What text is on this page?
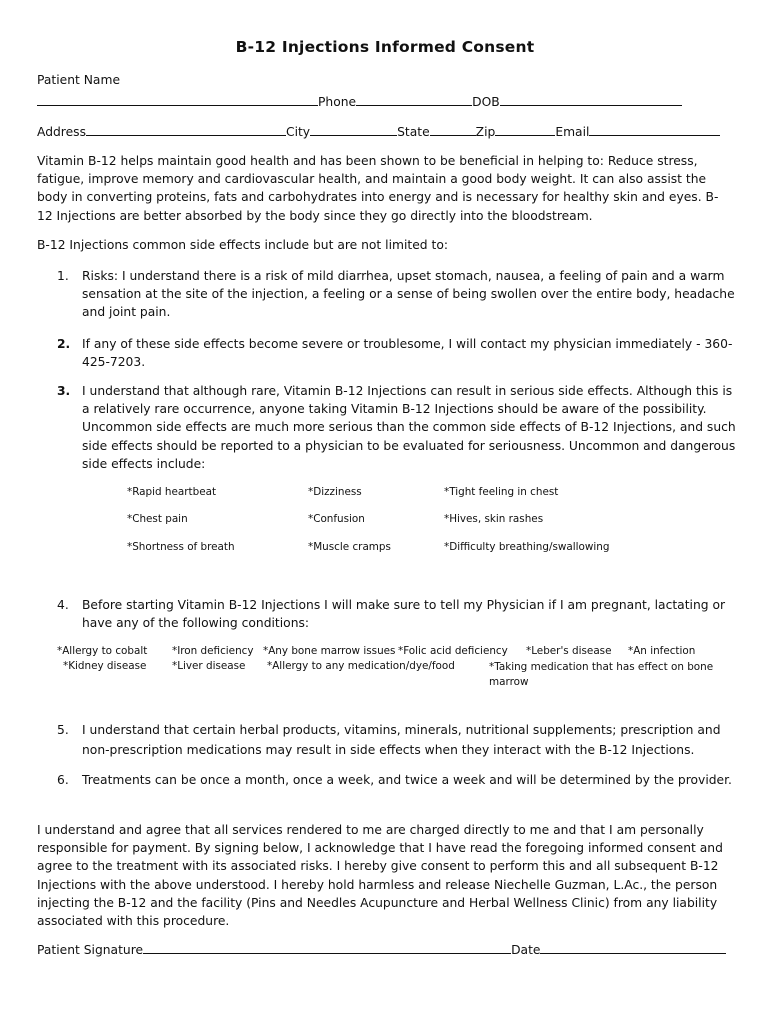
B-12 Injections Informed Consent
Patient Name
Phone	DOB
Address	City	State	Zip	Email
Vitamin B-12 helps maintain good health and has been shown to be beneficial in helping to: Reduce stress, fatigue, improve memory and cardiovascular health, and maintain a good body weight. It can also assist the body in converting proteins, fats and carbohydrates into energy and is necessary for healthy skin and eyes. B-12 Injections are better absorbed by the body since they go directly into the bloodstream.
B-12 Injections common side effects include but are not limited to:
1.	Risks: I understand there is a risk of mild diarrhea, upset stomach, nausea, a feeling of pain and a warm sensation at the site of the injection, a feeling or a sense of being swollen over the entire body, headache and joint pain.
2. If any of these side effects become severe or troublesome, I will contact my physician immediately - 360-425-7203.
3. I understand that although rare, Vitamin B-12 Injections can result in serious side effects. Although this is a relatively rare occurrence, anyone taking Vitamin B-12 Injections should be aware of the possibility. Uncommon side effects are much more serious than the common side effects of B-12 Injections, and such side effects should be reported to a physician to be evaluated for seriousness. Uncommon and dangerous side effects include:
*Rapid heartbeat	*Dizziness	*Tight feeling in chest
*Chest pain	*Confusion	*Hives, skin rashes
*Shortness of breath	*Muscle cramps	*Difficulty breathing/swallowing
4.	Before starting Vitamin B-12 Injections I will make sure to tell my Physician if I am pregnant, lactating or have any of the following conditions:
*Allergy to cobalt *Iron deficiency *Any bone marrow issues *Folic acid deficiency *Leber's disease *An infection
*Kidney disease *Liver disease *Allergy to any medication/dye/food	*Taking medication that has effect on bone marrow
5.	I understand that certain herbal products, vitamins, minerals, nutritional supplements; prescription and non-prescription medications may result in side effects when they interact with the B-12 Injections.
6.	Treatments can be once a month, once a week, and twice a week and will be determined by the provider.
I understand and agree that all services rendered to me are charged directly to me and that I am personally responsible for payment. By signing below, I acknowledge that I have read the foregoing informed consent and agree to the treatment with its associated risks. I hereby give consent to perform this and all subsequent B-12 Injections with the above understood. I hereby hold harmless and release Niechelle Guzman, L.Ac., the person injecting the B-12 and the facility (Pins and Needles Acupuncture and Herbal Wellness Clinic) from any liability associated with this procedure.
Patient Signature	Date
